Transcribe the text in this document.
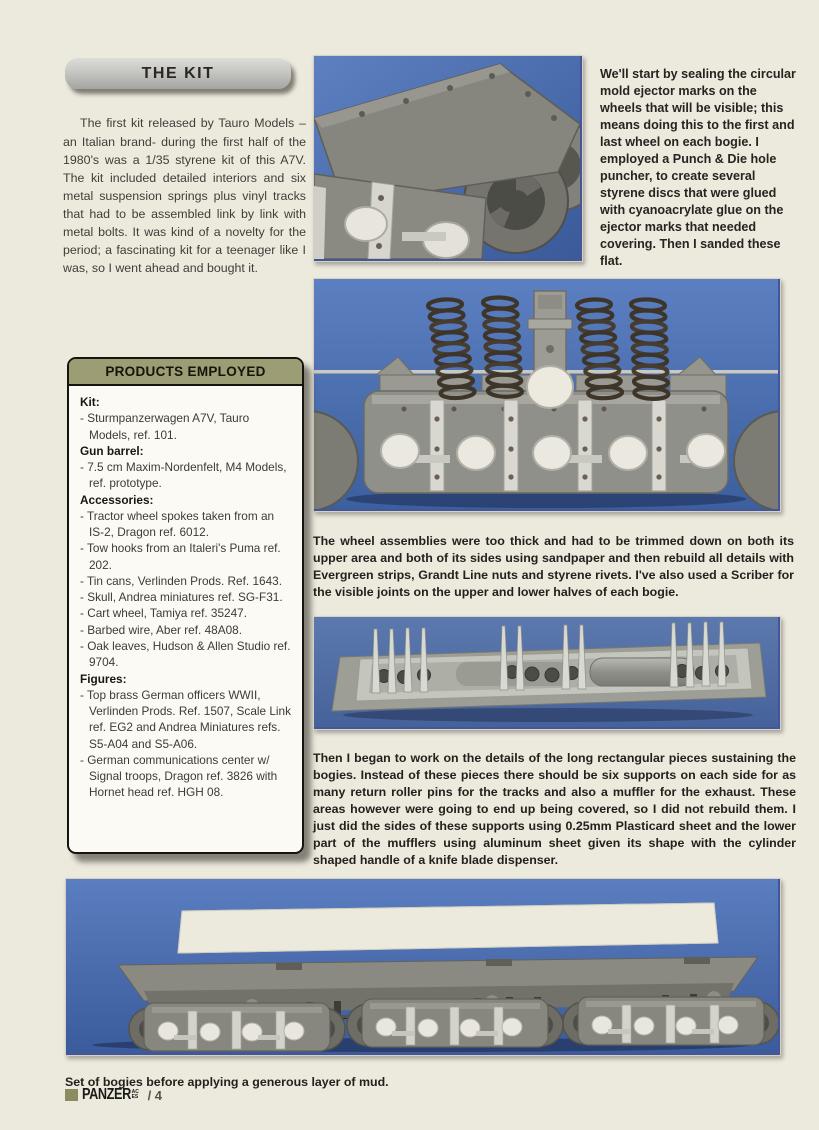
THE KIT

The first kit released by Tauro Models – an Italian brand- during the first half of the 1980's was a 1/35 styrene kit of this A7V. The kit included detailed interiors and six metal suspension springs plus vinyl tracks that had to be assembled link by link with metal bolts. It was kind of a novelty for the period; a fascinating kit for a teenager like I was, so I went ahead and bought it.

We'll start by sealing the circular mold ejector marks on the wheels that will be visible; this means doing this to the first and last wheel on each bogie. I employed a Punch & Die hole puncher, to create several styrene discs that were glued with cyanoacrylate glue on the ejector marks that needed covering. Then I sanded these flat.

The wheel assemblies were too thick and had to be trimmed down on both its upper area and both of its sides using sandpaper and then rebuild all details with Evergreen strips, Grandt Line nuts and styrene rivets. I've also used a Scriber for the visible joints on the upper and lower halves of each bogie.

PRODUCTS EMPLOYED
Kit:
- Sturmpanzerwagen A7V, Tauro Models, ref. 101.
Gun barrel:
- 7.5 cm Maxim-Nordenfelt, M4 Models, ref. prototype.
Accessories:
- Tractor wheel spokes taken from an IS-2, Dragon ref. 6012.
- Tow hooks from an Italeri's Puma ref. 202.
- Tin cans, Verlinden Prods. Ref. 1643.
- Skull, Andrea miniatures ref. SG-F31.
- Cart wheel, Tamiya ref. 35247.
- Barbed wire, Aber ref. 48A08.
- Oak leaves, Hudson & Allen Studio ref. 9704.
Figures:
- Top brass German officers WWII, Verlinden Prods. Ref. 1507, Scale Link ref. EG2 and Andrea Miniatures refs. S5-A04 and S5-A06.
- German communications center w/ Signal troops, Dragon ref. 3826 with Hornet head ref. HGH 08.

Then I began to work on the details of the long rectangular pieces sustaining the bogies. Instead of these pieces there should be six supports on each side for as many return roller pins for the tracks and also a muffler for the exhaust. These areas however were going to end up being covered, so I did not rebuild them. I just did the sides of these supports using 0.25mm Plasticard sheet and the lower part of the mufflers using aluminum sheet given its shape with the cylinder shaped handle of a knife blade dispenser.

Set of bogies before applying a generous layer of mud.

PANZER ACES / 4
